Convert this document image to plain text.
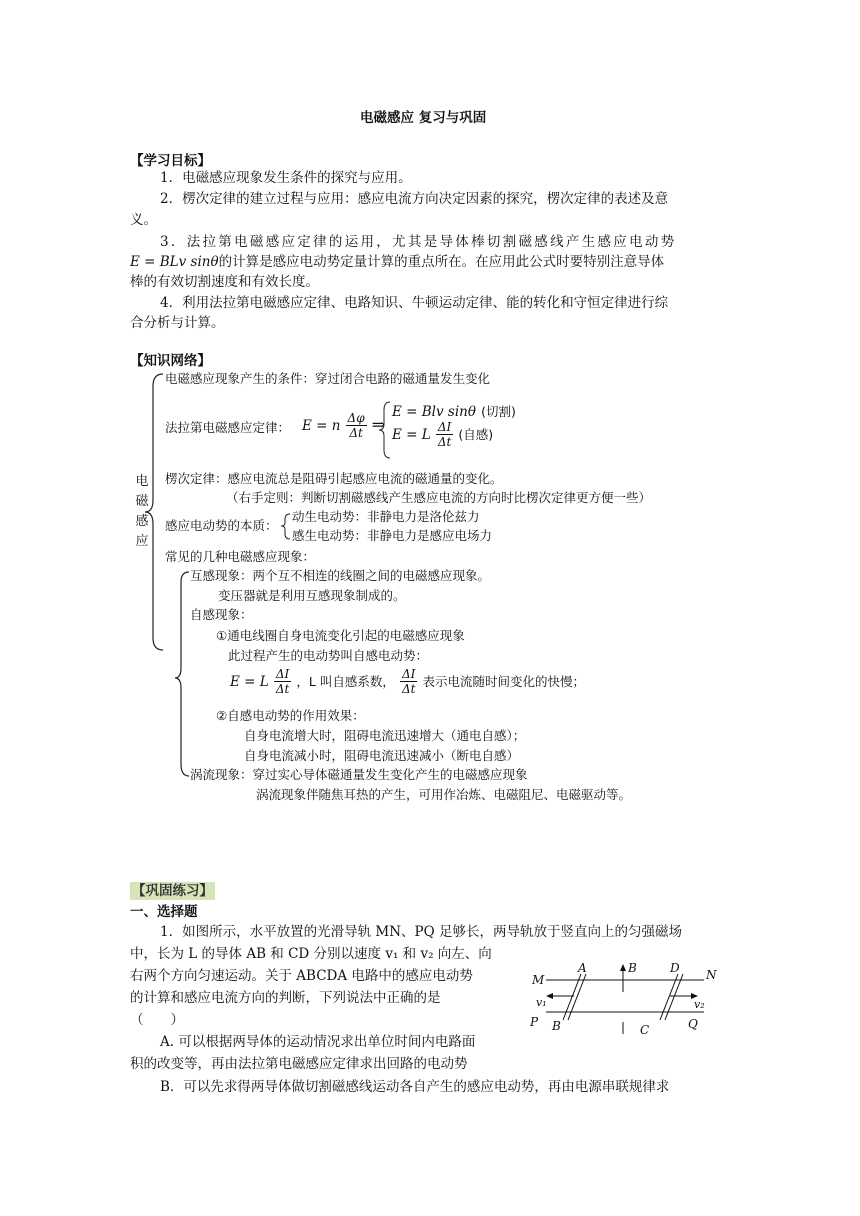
电磁感应 复习与巩固
【学习目标】
1．电磁感应现象发生条件的探究与应用。
2．楞次定律的建立过程与应用：感应电流方向决定因素的探究，楞次定律的表述及意
义。
3．法拉第电磁感应定律的运用，尤其是导体棒切割磁感线产生感应电动势
E = BLv sinθ的计算是感应电动势定量计算的重点所在。在应用此公式时要特别注意导体
棒的有效切割速度和有效长度。
4．利用法拉第电磁感应定律、电路知识、牛顿运动定律、能的转化和守恒定律进行综
合分析与计算。
【知识网络】
电
磁
感
应
电磁感应现象产生的条件：穿过闭合电路的磁通量发生变化
法拉第电磁感应定律： E = n $\frac{\Delta\varphi}{\Delta t}$ ⇒
E = Blv sinθ (切割)
E = L $\frac{\Delta I}{\Delta t}$ (自感)
楞次定律：感应电流总是阻碍引起感应电流的磁通量的变化。
（右手定则：判断切割磁感线产生感应电流的方向时比楞次定律更方便一些）
感应电动势的本质：
动生电动势：非静电力是洛伦兹力
感生电动势：非静电力是感应电场力
常见的几种电磁感应现象：
互感现象：两个互不相连的线圈之间的电磁感应现象。
变压器就是利用互感现象制成的。
自感现象：
①通电线圈自身电流变化引起的电磁感应现象
此过程产生的电动势叫自感电动势：
E = L $\frac{\Delta I}{\Delta t}$ ，L 叫自感系数， $\frac{\Delta I}{\Delta t}$ 表示电流随时间变化的快慢；
②自感电动势的作用效果：
自身电流增大时，阻碍电流迅速增大（通电自感）；
自身电流减小时，阻碍电流迅速减小（断电自感）
涡流现象：穿过实心导体磁通量发生变化产生的电磁感应现象
涡流现象伴随焦耳热的产生，可用作冶炼、电磁阻尼、电磁驱动等。
【巩固练习】
一、选择题
1．如图所示，水平放置的光滑导轨 MN、PQ 足够长，两导轨放于竖直向上的匀强磁场
中，长为 L 的导体 AB 和 CD 分别以速度 v₁ 和 v₂ 向左、向
右两个方向匀速运动。关于 ABCDA 电路中的感应电动势
的计算和感应电流方向的判断，下列说法中正确的是
（　　）
A. 可以根据两导体的运动情况求出单位时间内电路面
积的改变等，再由法拉第电磁感应定律求出回路的电动势
B．可以先求得两导体做切割磁感线运动各自产生的感应电动势，再由电源串联规律求
M	N
P	Q
A
B
D
C
B
v₁	v₂
